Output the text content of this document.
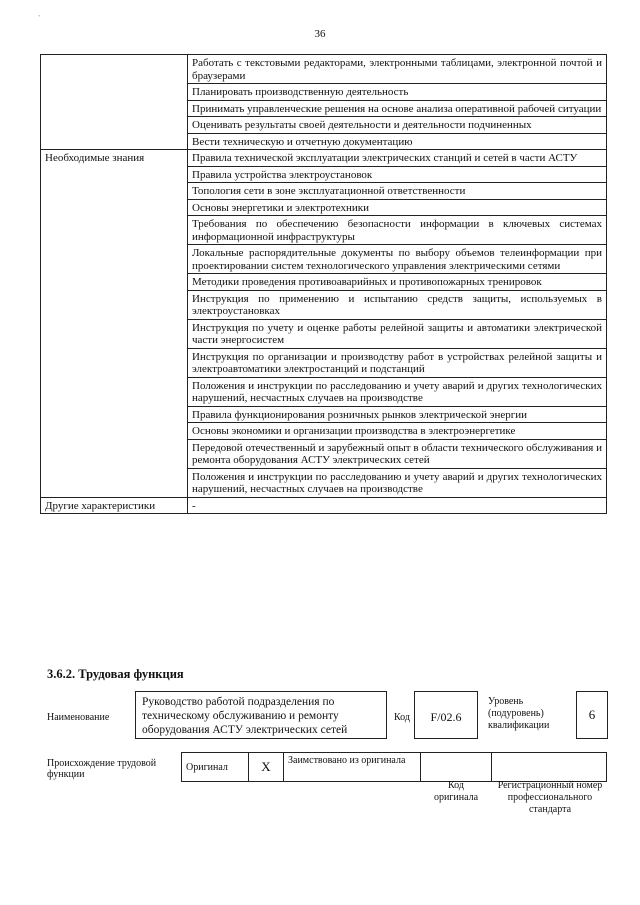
`
36
	Работать с текстовыми редакторами, электронными таблицами, электронной почтой и браузерами
	Планировать производственную деятельность
	Принимать управленческие решения на основе анализа оперативной рабочей ситуации
	Оценивать результаты своей деятельности и деятельности подчиненных
	Вести техническую и отчетную документацию
Необходимые знания	Правила технической эксплуатации электрических станций и сетей в части АСТУ
	Правила устройства электроустановок
	Топология сети в зоне эксплуатационной ответственности
	Основы энергетики и электротехники
	Требования по обеспечению безопасности информации в ключевых системах информационной инфраструктуры
	Локальные распорядительные документы по выбору объемов телеинформации при проектировании систем технологического управления электрическими сетями
	Методики проведения противоаварийных и противопожарных тренировок
	Инструкция по применению и испытанию средств защиты, используемых в электроустановках
	Инструкция по учету и оценке работы релейной защиты и автоматики электрической части энергосистем
	Инструкция по организации и производству работ в устройствах релейной защиты и электроавтоматики электростанций и подстанций
	Положения и инструкции по расследованию и учету аварий и других технологических нарушений, несчастных случаев на производстве
	Правила функционирования розничных рынков электрической энергии
	Основы экономики и организации производства в электроэнергетике
	Передовой отечественный и зарубежный опыт в области технического обслуживания и ремонта оборудования АСТУ электрических сетей
	Положения и инструкции по расследованию и учету аварий и других технологических нарушений, несчастных случаев на производстве
Другие характеристики	-
3.6.2. Трудовая функция
Наименование
Руководство работой подразделения по техническому обслуживанию и ремонту оборудования АСТУ электрических сетей
Код	F/02.6
Уровень (подуровень) квалификации
6
Происхождение трудовой функции
Оригинал	X	Заимствовано из оригинала		
Код оригинала
Регистрационный номер профессионального стандарта
